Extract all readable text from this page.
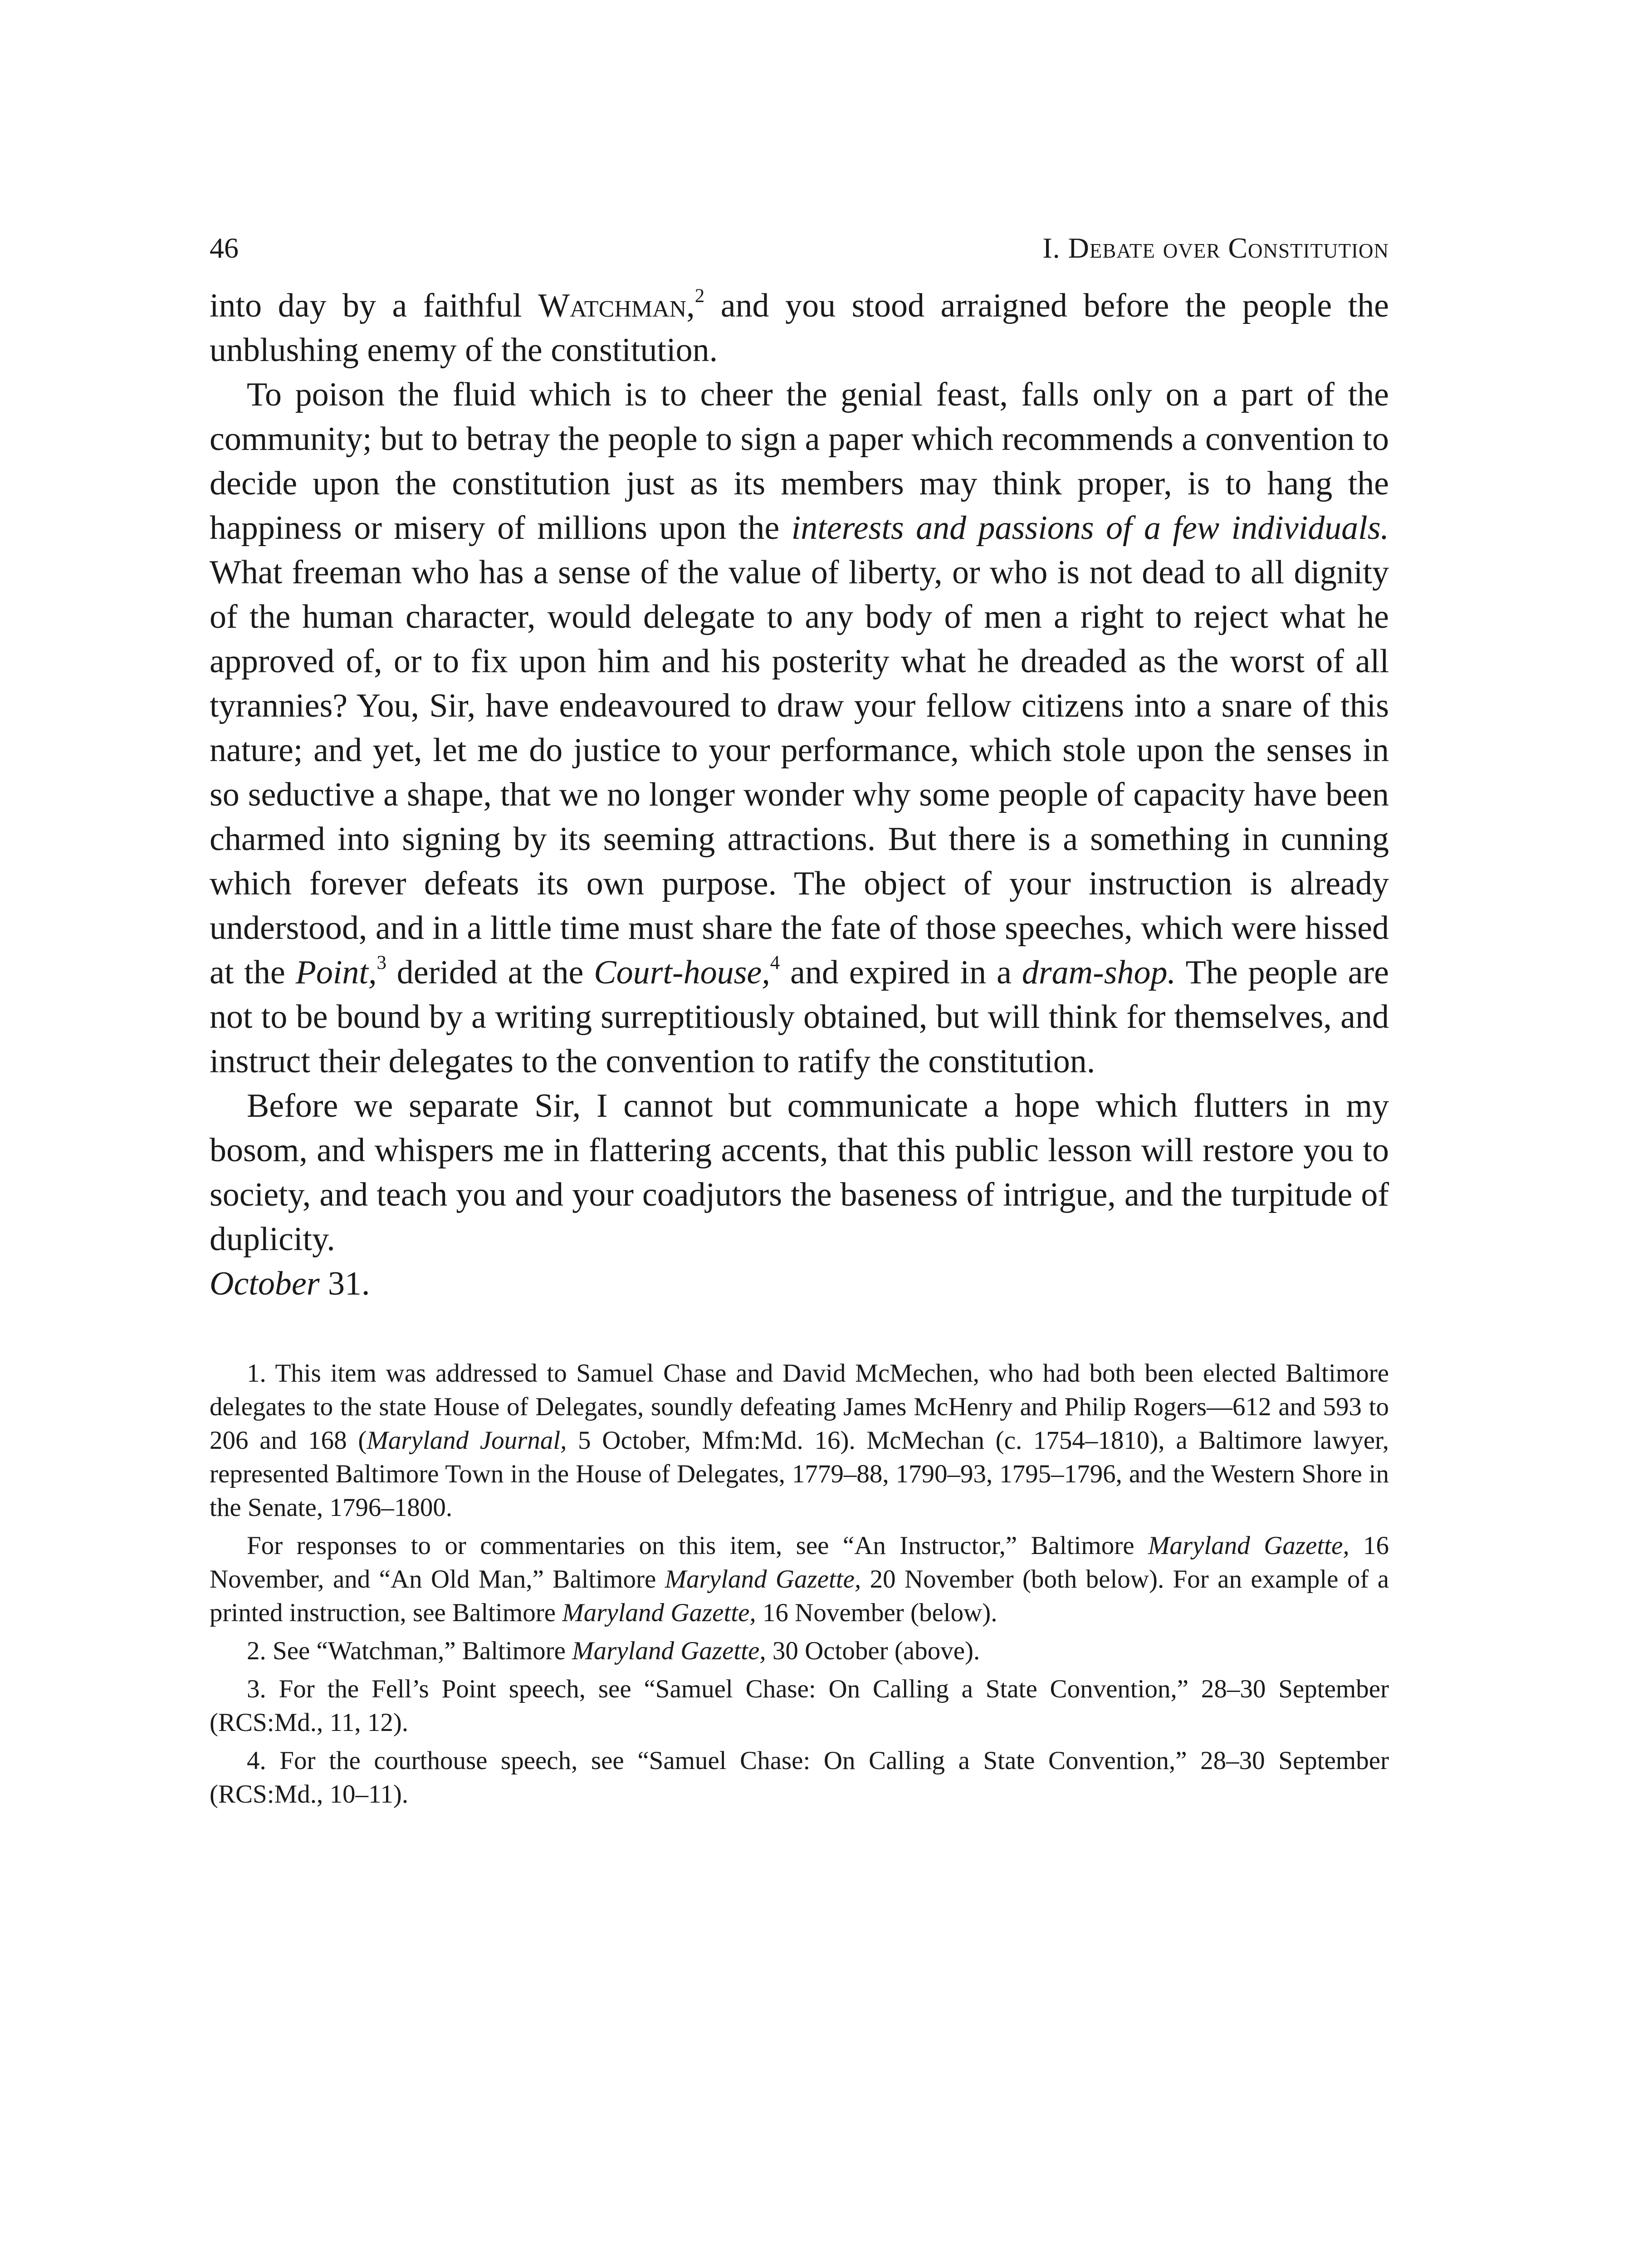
46	I. Debate over Constitution

into day by a faithful Watchman,$^2$ and you stood arraigned before the people the unblushing enemy of the constitution.

To poison the fluid which is to cheer the genial feast, falls only on a part of the community; but to betray the people to sign a paper which recommends a convention to decide upon the constitution just as its members may think proper, is to hang the happiness or misery of millions upon the interests and passions of a few individuals. What freeman who has a sense of the value of liberty, or who is not dead to all dignity of the human character, would delegate to any body of men a right to reject what he approved of, or to fix upon him and his posterity what he dreaded as the worst of all tyrannies? You, Sir, have endeavoured to draw your fellow citizens into a snare of this nature; and yet, let me do justice to your performance, which stole upon the senses in so seductive a shape, that we no longer wonder why some people of capacity have been charmed into signing by its seeming attractions. But there is a something in cunning which forever defeats its own purpose. The object of your instruction is already understood, and in a little time must share the fate of those speeches, which were hissed at the Point,$^3$ derided at the Court-house,$^4$ and expired in a dram-shop. The people are not to be bound by a writing surreptitiously obtained, but will think for themselves, and instruct their delegates to the convention to ratify the constitution.

Before we separate Sir, I cannot but communicate a hope which flutters in my bosom, and whispers me in flattering accents, that this public lesson will restore you to society, and teach you and your coadjutors the baseness of intrigue, and the turpitude of duplicity.

October 31.

1. This item was addressed to Samuel Chase and David McMechen, who had both been elected Baltimore delegates to the state House of Delegates, soundly defeating James McHenry and Philip Rogers—612 and 593 to 206 and 168 (Maryland Journal, 5 October, Mfm:Md. 16). McMechan (c. 1754–1810), a Baltimore lawyer, represented Baltimore Town in the House of Delegates, 1779–88, 1790–93, 1795–1796, and the Western Shore in the Senate, 1796–1800.

For responses to or commentaries on this item, see “An Instructor,” Baltimore Maryland Gazette, 16 November, and “An Old Man,” Baltimore Maryland Gazette, 20 November (both below). For an example of a printed instruction, see Baltimore Maryland Gazette, 16 November (below).

2. See “Watchman,” Baltimore Maryland Gazette, 30 October (above).

3. For the Fell’s Point speech, see “Samuel Chase: On Calling a State Convention,” 28–30 September (RCS:Md., 11, 12).

4. For the courthouse speech, see “Samuel Chase: On Calling a State Convention,” 28–30 September (RCS:Md., 10–11).
